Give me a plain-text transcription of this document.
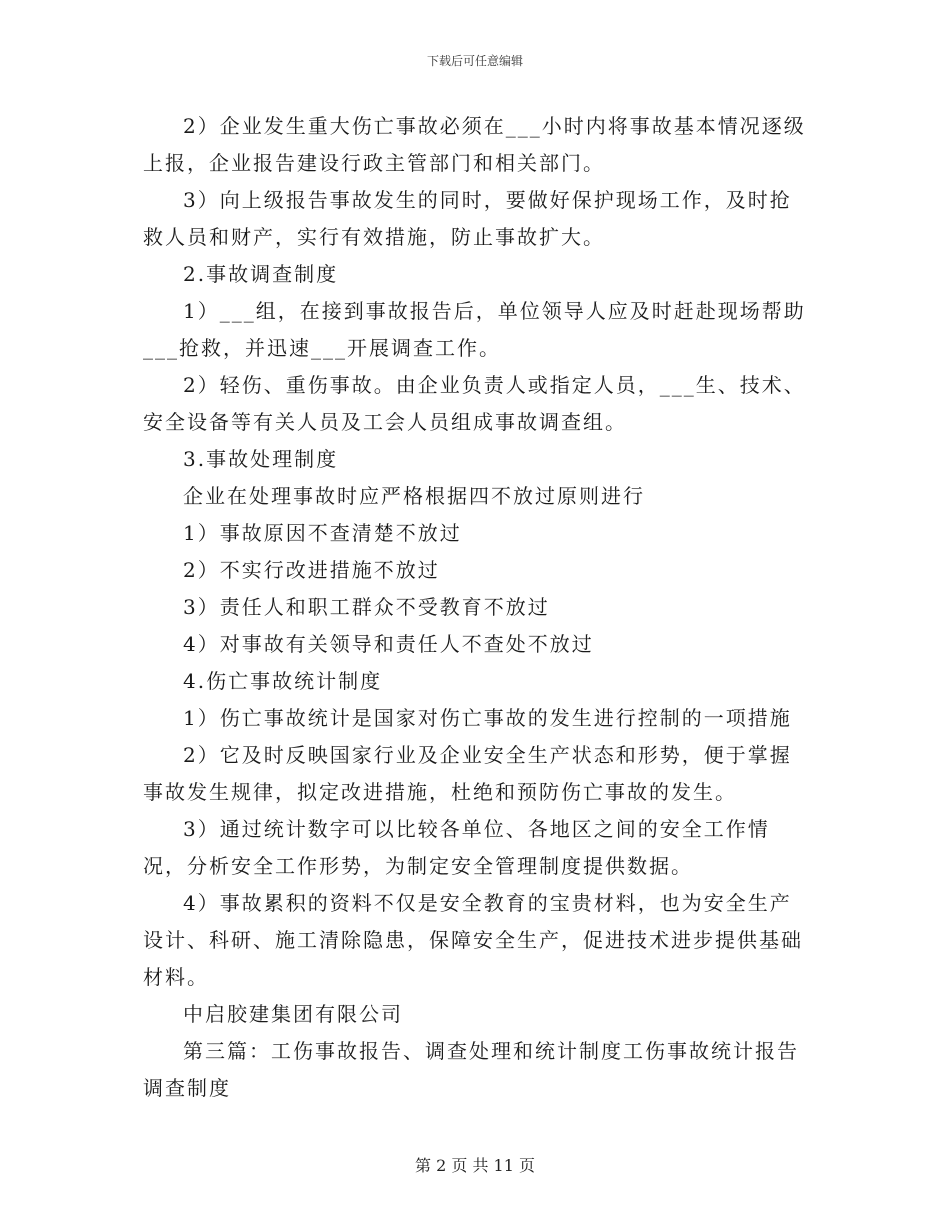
下载后可任意编辑

2）企业发生重大伤亡事故必须在___小时内将事故基本情况逐级上报，企业报告建设行政主管部门和相关部门。

3）向上级报告事故发生的同时，要做好保护现场工作，及时抢救人员和财产，实行有效措施，防止事故扩大。

2.事故调查制度

1）___组，在接到事故报告后，单位领导人应及时赶赴现场帮助___抢救，并迅速___开展调查工作。

2）轻伤、重伤事故。由企业负责人或指定人员，___生、技术、安全设备等有关人员及工会人员组成事故调查组。

3.事故处理制度

企业在处理事故时应严格根据四不放过原则进行

1）事故原因不查清楚不放过

2）不实行改进措施不放过

3）责任人和职工群众不受教育不放过

4）对事故有关领导和责任人不查处不放过

4.伤亡事故统计制度

1）伤亡事故统计是国家对伤亡事故的发生进行控制的一项措施

2）它及时反映国家行业及企业安全生产状态和形势，便于掌握事故发生规律，拟定改进措施，杜绝和预防伤亡事故的发生。

3）通过统计数字可以比较各单位、各地区之间的安全工作情况，分析安全工作形势，为制定安全管理制度提供数据。

4）事故累积的资料不仅是安全教育的宝贵材料，也为安全生产设计、科研、施工清除隐患，保障安全生产，促进技术进步提供基础材料。

中启胶建集团有限公司

第三篇：工伤事故报告、调查处理和统计制度工伤事故统计报告调查制度

第 2 页 共 11 页
